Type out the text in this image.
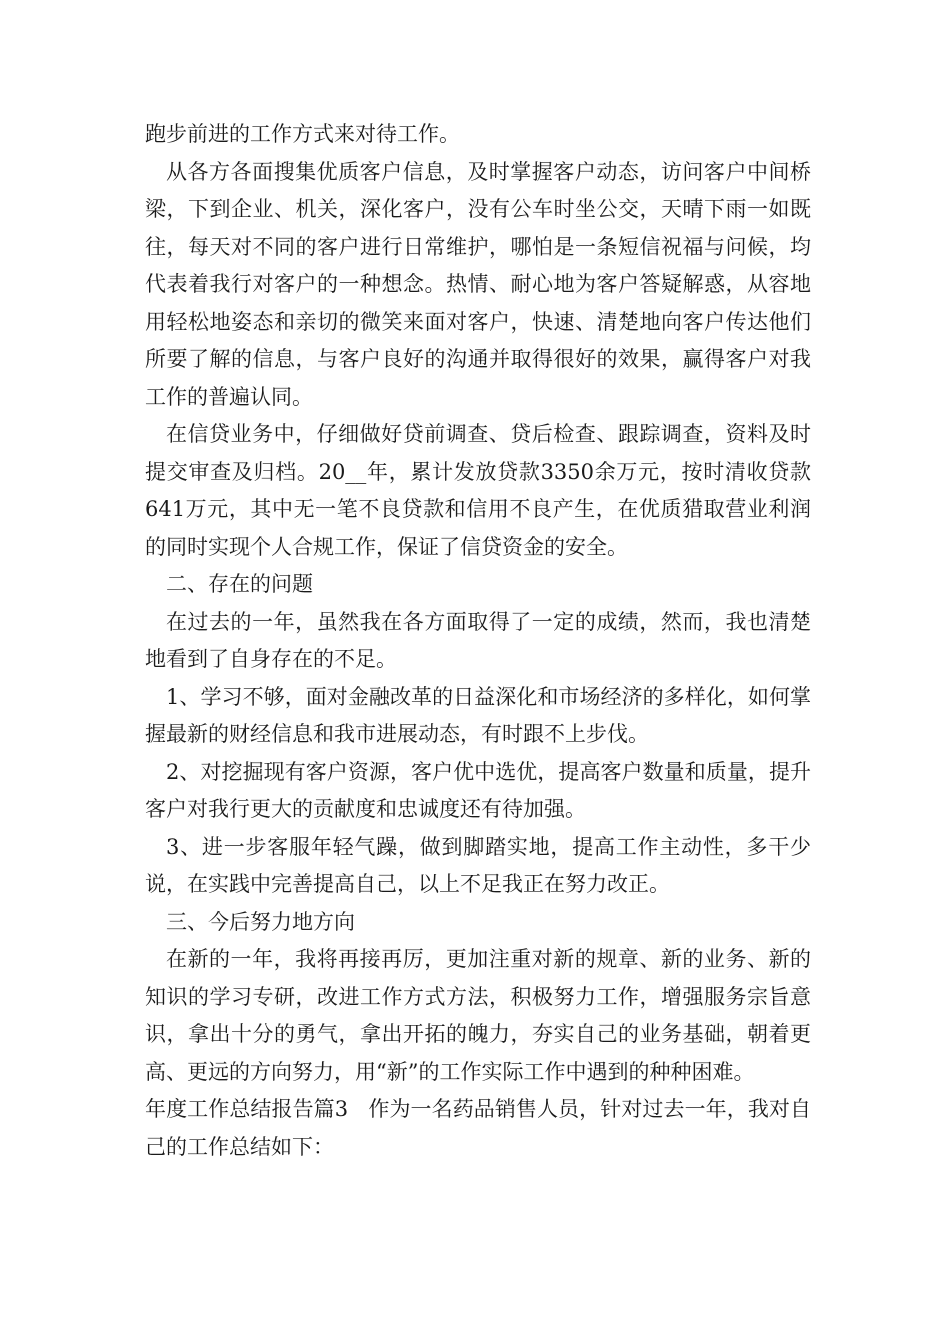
跑步前进的工作方式来对待工作。

从各方各面搜集优质客户信息，及时掌握客户动态，访问客户中间桥梁，下到企业、机关，深化客户，没有公车时坐公交，天晴下雨一如既往，每天对不同的客户进行日常维护，哪怕是一条短信祝福与问候，均代表着我行对客户的一种想念。热情、耐心地为客户答疑解惑，从容地用轻松地姿态和亲切的微笑来面对客户，快速、清楚地向客户传达他们所要了解的信息，与客户良好的沟通并取得很好的效果，赢得客户对我工作的普遍认同。

在信贷业务中，仔细做好贷前调查、贷后检查、跟踪调查，资料及时提交审查及归档。20__年，累计发放贷款3350余万元，按时清收贷款641万元，其中无一笔不良贷款和信用不良产生，在优质猎取营业利润的同时实现个人合规工作，保证了信贷资金的安全。

二、存在的问题

在过去的一年，虽然我在各方面取得了一定的成绩，然而，我也清楚地看到了自身存在的不足。

1、学习不够，面对金融改革的日益深化和市场经济的多样化，如何掌握最新的财经信息和我市进展动态，有时跟不上步伐。

2、对挖掘现有客户资源，客户优中选优，提高客户数量和质量，提升客户对我行更大的贡献度和忠诚度还有待加强。

3、进一步客服年轻气躁，做到脚踏实地，提高工作主动性，多干少说，在实践中完善提高自己，以上不足我正在努力改正。

三、今后努力地方向

在新的一年，我将再接再厉，更加注重对新的规章、新的业务、新的知识的学习专研，改进工作方式方法，积极努力工作，增强服务宗旨意识，拿出十分的勇气，拿出开拓的魄力，夯实自己的业务基础，朝着更高、更远的方向努力，用“新”的工作实际工作中遇到的种种困难。

年度工作总结报告篇3   作为一名药品销售人员，针对过去一年，我对自己的工作总结如下：
